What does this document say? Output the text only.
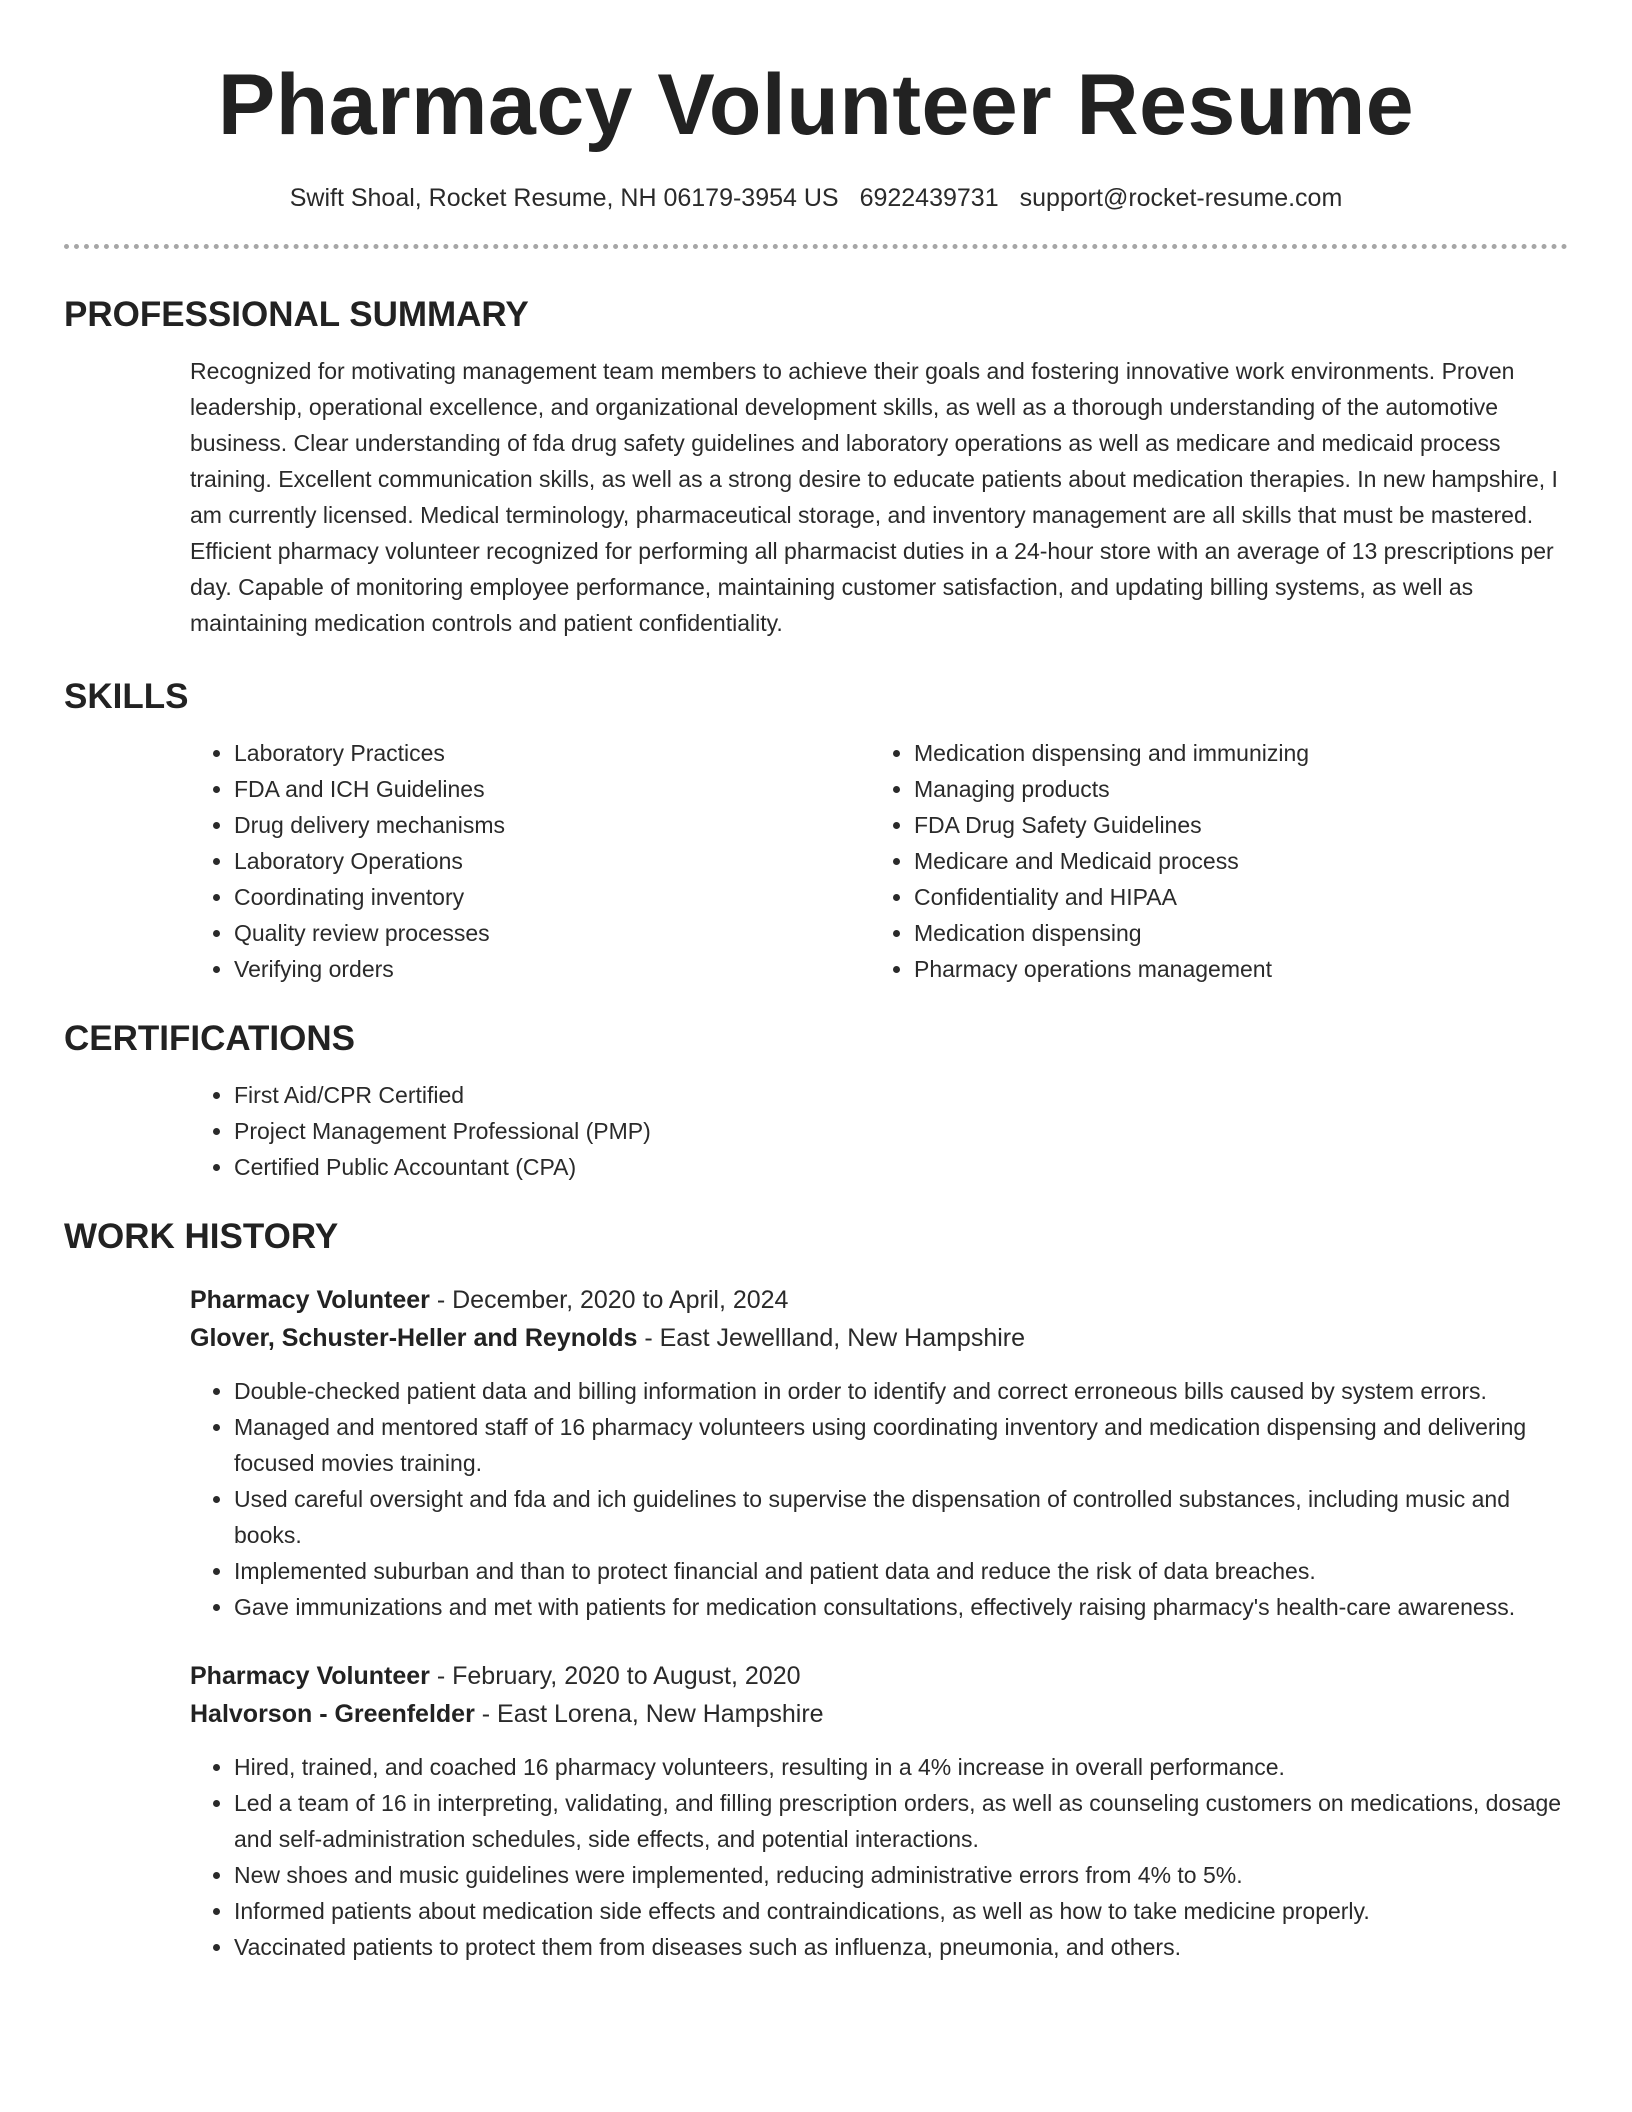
Pharmacy Volunteer Resume
Swift Shoal, Rocket Resume, NH 06179-3954 US 6922439731 support@rocket-resume.com
PROFESSIONAL SUMMARY

Recognized for motivating management team members to achieve their goals and fostering innovative work environments. Proven leadership, operational excellence, and organizational development skills, as well as a thorough understanding of the automotive business. Clear understanding of fda drug safety guidelines and laboratory operations as well as medicare and medicaid process training. Excellent communication skills, as well as a strong desire to educate patients about medication therapies. In new hampshire, I am currently licensed. Medical terminology, pharmaceutical storage, and inventory management are all skills that must be mastered. Efficient pharmacy volunteer recognized for performing all pharmacist duties in a 24-hour store with an average of 13 prescriptions per day. Capable of monitoring employee performance, maintaining customer satisfaction, and updating billing systems, as well as maintaining medication controls and patient confidentiality.

SKILLS
• Laboratory Practices
• FDA and ICH Guidelines
• Drug delivery mechanisms
• Laboratory Operations
• Coordinating inventory
• Quality review processes
• Verifying orders
• Medication dispensing and immunizing
• Managing products
• FDA Drug Safety Guidelines
• Medicare and Medicaid process
• Confidentiality and HIPAA
• Medication dispensing
• Pharmacy operations management
CERTIFICATIONS
• First Aid/CPR Certified
• Project Management Professional (PMP)
• Certified Public Accountant (CPA)
WORK HISTORY
Pharmacy Volunteer - December, 2020 to April, 2024
Glover, Schuster-Heller and Reynolds - East Jewellland, New Hampshire
• Double-checked patient data and billing information in order to identify and correct erroneous bills caused by system errors.
• Managed and mentored staff of 16 pharmacy volunteers using coordinating inventory and medication dispensing and delivering focused movies training.
• Used careful oversight and fda and ich guidelines to supervise the dispensation of controlled substances, including music and books.
• Implemented suburban and than to protect financial and patient data and reduce the risk of data breaches.
• Gave immunizations and met with patients for medication consultations, effectively raising pharmacy's health-care awareness.
Pharmacy Volunteer - February, 2020 to August, 2020
Halvorson - Greenfelder - East Lorena, New Hampshire
• Hired, trained, and coached 16 pharmacy volunteers, resulting in a 4% increase in overall performance.
• Led a team of 16 in interpreting, validating, and filling prescription orders, as well as counseling customers on medications, dosage and self-administration schedules, side effects, and potential interactions.
• New shoes and music guidelines were implemented, reducing administrative errors from 4% to 5%.
• Informed patients about medication side effects and contraindications, as well as how to take medicine properly.
• Vaccinated patients to protect them from diseases such as influenza, pneumonia, and others.
